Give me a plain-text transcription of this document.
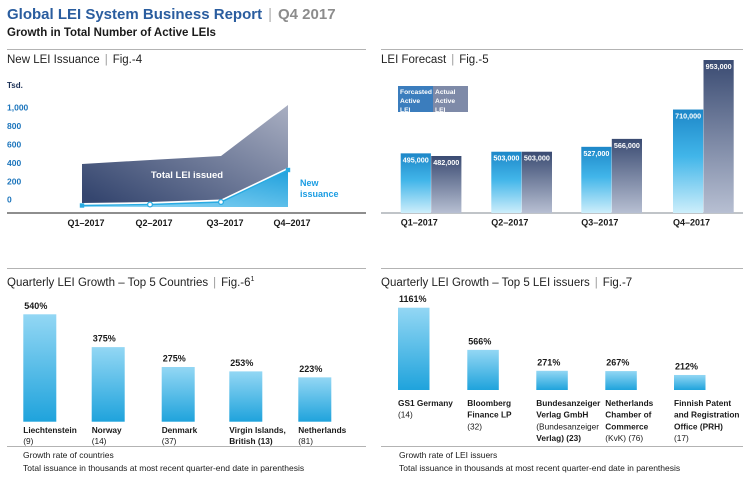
Global LEI System Business Report | Q4 2017
Growth in Total Number of Active LEIs
New LEI Issuance | Fig.-4
Tsd.
1,000
800
600
400
200
0
Q1–2017	Q2–2017	Q3–2017	Q4–2017
Total LEI issued
New
issuance
LEI Forecast | Fig.-5
495,000 482,000
Q1–2017
503,000 503,000
Q2–2017
527,000
566,000
Q3–2017
710,000
953,000
Q4–2017
Forcasted
Active LEI
Actual
Active LEI
Quarterly LEI Growth – Top 5 Countries | $Fig.-6^1$
540%
Liechtenstein
(9)
375%
Norway
(14)
275%
Denmark
(37)
253%
Virgin Islands,
British (13)
223%
Netherlands
(81)
Growth rate of countries
Total issuance in thousands at most recent quarter-end date in parenthesis
Quarterly LEI Growth – Top 5 LEI issuers | Fig.-7
1161%
GS1 Germany
(14)
566%
Bloomberg
Finance LP
(32)
271%
Bundesanzeiger
Verlag GmbH
(Bundesanzeiger
Verlag) (23)
267%
Netherlands
Chamber of
Commerce
(KvK) (76)
212%
Finnish Patent
and Registration
Office (PRH)
(17)
Growth rate of LEI issuers
Total issuance in thousands at most recent quarter-end date in parenthesis
